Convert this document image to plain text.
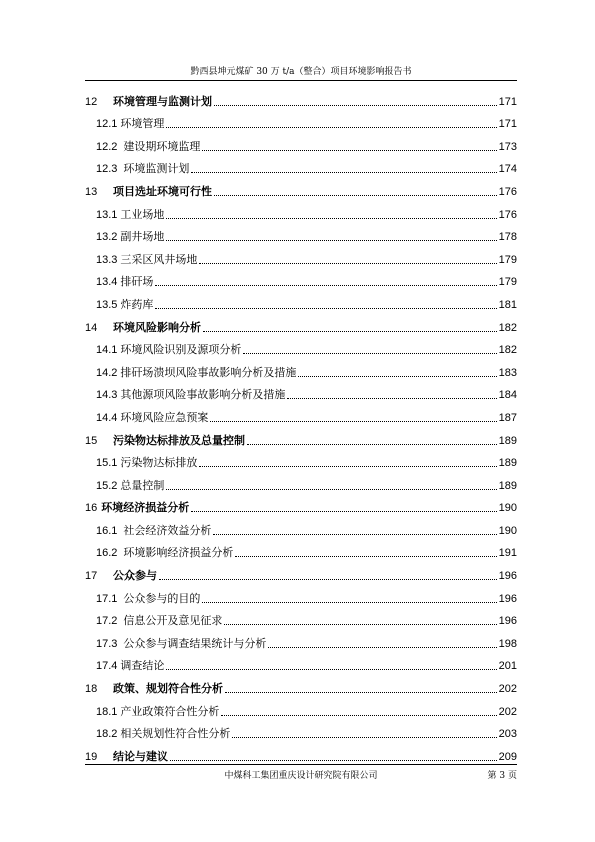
黔西县坤元煤矿 30 万 t/a（整合）项目环境影响报告书
12	环境管理与监测计划	171
12.1 环境管理	171
12.2 建设期环境监理	173
12.3 环境监测计划	174
13	项目选址环境可行性	176
13.1 工业场地	176
13.2 副井场地	178
13.3 三采区风井场地	179
13.4 排矸场	179
13.5 炸药库	181
14	环境风险影响分析	182
14.1 环境风险识别及源项分析	182
14.2 排矸场溃坝风险事故影响分析及措施	183
14.3 其他源项风险事故影响分析及措施	184
14.4 环境风险应急预案	187
15	污染物达标排放及总量控制	189
15.1 污染物达标排放	189
15.2 总量控制	189
16 环境经济损益分析	190
16.1 社会经济效益分析	190
16.2 环境影响经济损益分析	191
17	公众参与	196
17.1 公众参与的目的	196
17.2 信息公开及意见征求	196
17.3 公众参与调查结果统计与分析	198
17.4 调查结论	201
18	政策、规划符合性分析	202
18.1 产业政策符合性分析	202
18.2 相关规划性符合性分析	203
19	结论与建议	209
中煤科工集团重庆设计研究院有限公司	第 3 页
